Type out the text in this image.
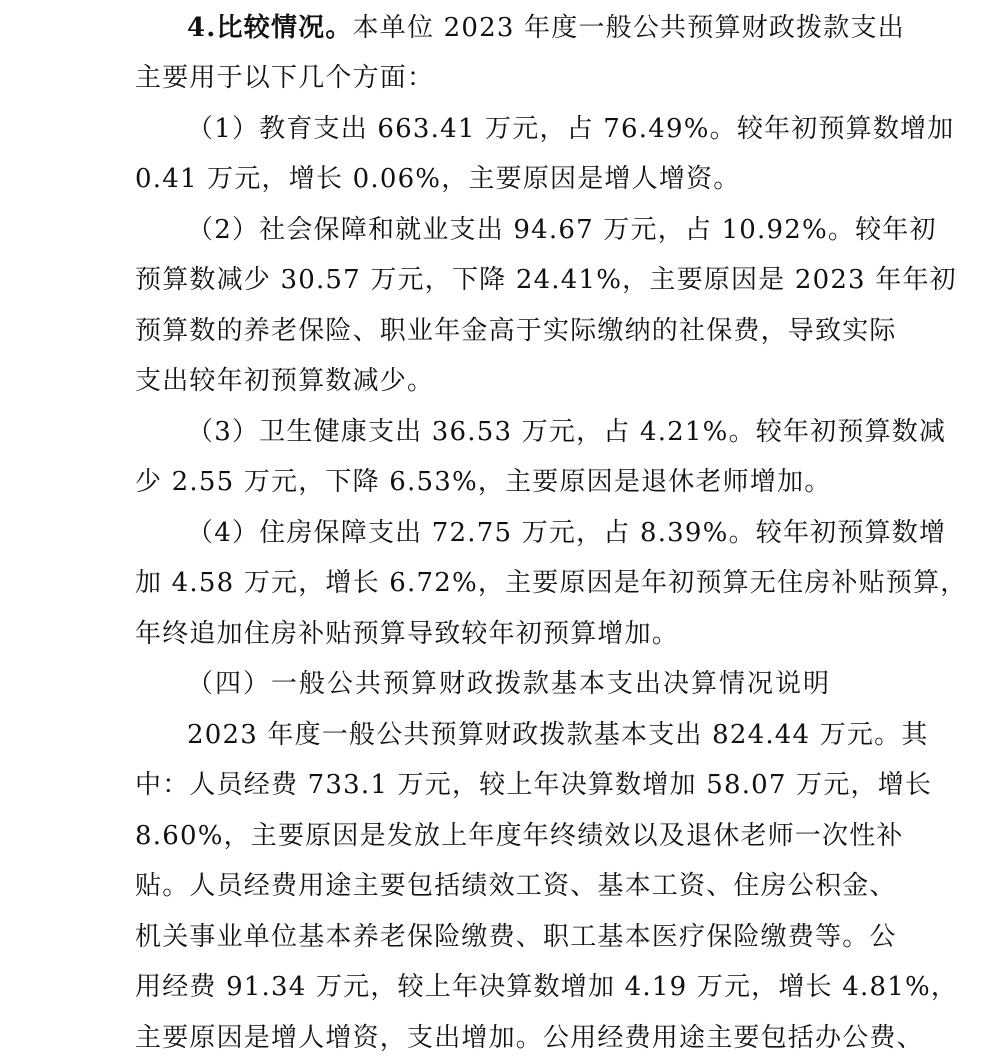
4.比较情况。本单位 2023 年度一般公共预算财政拨款支出
主要用于以下几个方面：
（1）教育支出 663.41 万元，占 76.49%。较年初预算数增加
0.41 万元，增长 0.06%，主要原因是增人增资。
（2）社会保障和就业支出 94.67 万元，占 10.92%。较年初
预算数减少 30.57 万元，下降 24.41%，主要原因是 2023 年年初
预算数的养老保险、职业年金高于实际缴纳的社保费，导致实际
支出较年初预算数减少。
（3）卫生健康支出 36.53 万元，占 4.21%。较年初预算数减
少 2.55 万元，下降 6.53%，主要原因是退休老师增加。
（4）住房保障支出 72.75 万元，占 8.39%。较年初预算数增
加 4.58 万元，增长 6.72%，主要原因是年初预算无住房补贴预算，
年终追加住房补贴预算导致较年初预算增加。
（四）一般公共预算财政拨款基本支出决算情况说明
2023 年度一般公共预算财政拨款基本支出 824.44 万元。其
中：人员经费 733.1 万元，较上年决算数增加 58.07 万元，增长
8.60%，主要原因是发放上年度年终绩效以及退休老师一次性补
贴。人员经费用途主要包括绩效工资、基本工资、住房公积金、
机关事业单位基本养老保险缴费、职工基本医疗保险缴费等。公
用经费 91.34 万元，较上年决算数增加 4.19 万元，增长 4.81%，
主要原因是增人增资，支出增加。公用经费用途主要包括办公费、
